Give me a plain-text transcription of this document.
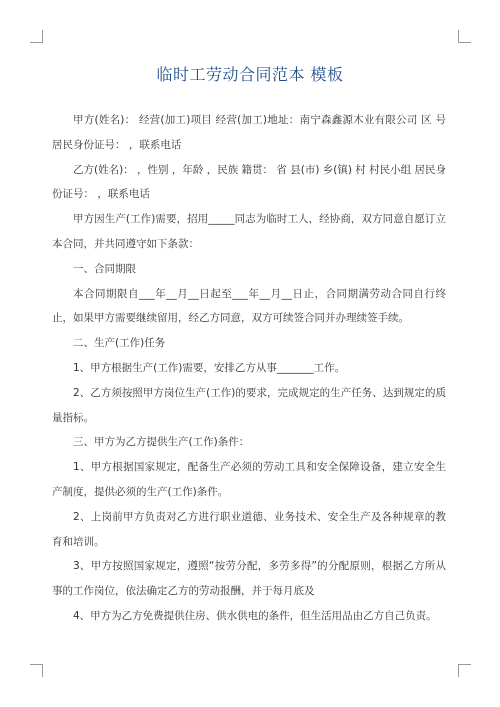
临时工劳动合同范本 模板

甲方(姓名)： 经营(加工)项目 经营(加工)地址：南宁森鑫源木业有限公司 区 号 居民身份证号： ，联系电话

乙方(姓名)： ，性别 ，年龄 ，民族 籍贯： 省 县(市) 乡(镇) 村 村民小组 居民身份证号： ，联系电话

甲方因生产(工作)需要，招用_____同志为临时工人，经协商，双方同意自愿订立本合同，并共同遵守如下条款：

一、合同期限

本合同期限自___年__月__日起至___年__月__日止，合同期满劳动合同自行终止，如果甲方需要继续留用，经乙方同意，双方可续签合同并办理续签手续。

二、生产(工作)任务

1、甲方根据生产(工作)需要，安排乙方从事_______工作。

2、乙方须按照甲方岗位生产(工作)的要求，完成规定的生产任务、达到规定的质量指标。

三、甲方为乙方提供生产(工作)条件：

1、甲方根据国家规定，配备生产必须的劳动工具和安全保障设备，建立安全生产制度，提供必须的生产(工作)条件。

2、上岗前甲方负责对乙方进行职业道德、业务技术、安全生产及各种规章的教育和培训。

3、甲方按照国家规定，遵照“按劳分配，多劳多得”的分配原则，根据乙方所从事的工作岗位，依法确定乙方的劳动报酬，并于每月底及

4、甲方为乙方免费提供住房、供水供电的条件，但生活用品由乙方自己负责。
